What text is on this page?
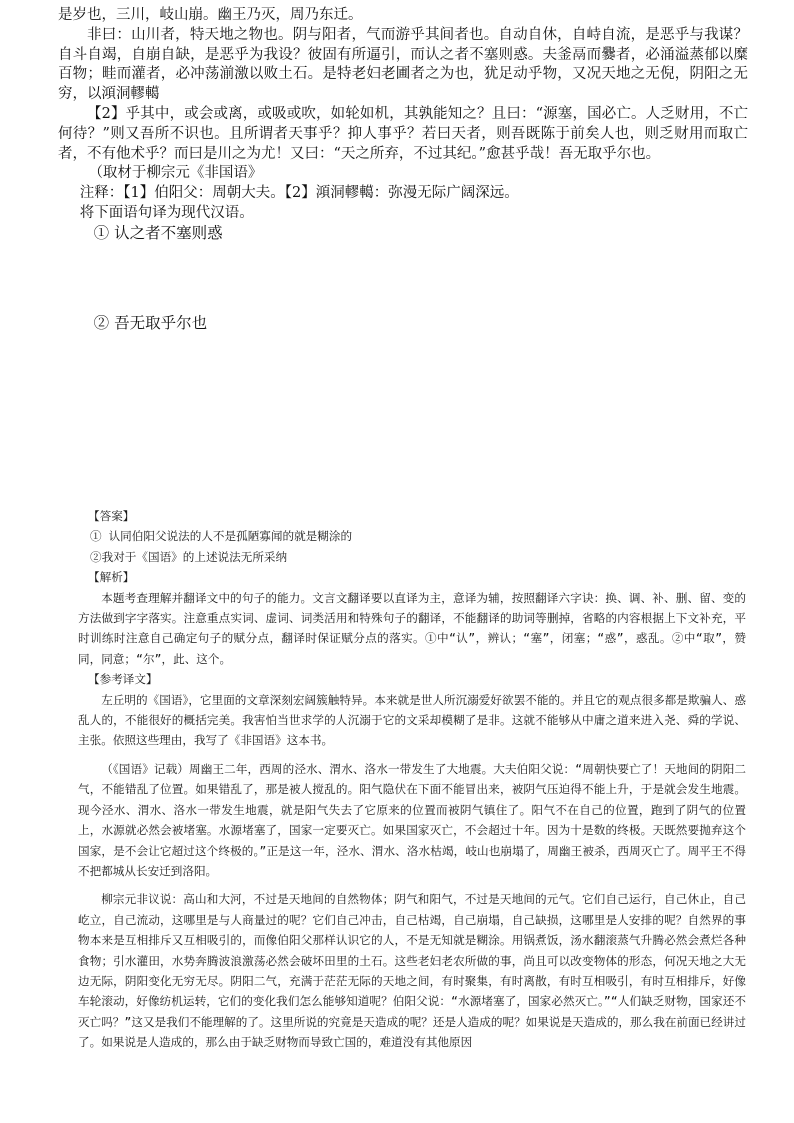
是岁也，三川，岐山崩。幽王乃灭，周乃东迁。

非曰：山川者，特天地之物也。阴与阳者，气而游乎其间者也。自动自休，自峙自流，是恶乎与我谋？自斗自竭，自崩自缺，是恶乎为我设？彼固有所逼引，而认之者不塞则惑。夫釜鬲而爨者，必涌溢蒸郁以糜百物；畦而灌者，必冲荡湔激以败土石。是特老妇老圃者之为也，犹足动乎物，又况天地之无倪，阴阳之无穷，以澒洞轇轕

【2】乎其中，或会或离，或吸或吹，如轮如机，其孰能知之？且曰：“源塞，国必亡。人乏财用，不亡何待？”则又吾所不识也。且所谓者天事乎？抑人事乎？若曰天者，则吾既陈于前矣人也，则乏财用而取亡者，不有他术乎？而曰是川之为尤！又曰：“天之所弃，不过其纪。”愈甚乎哉！吾无取乎尔也。

（取材于柳宗元《非国语》

注释：【1】伯阳父：周朝大夫。【2】澒洞轇轕：弥漫无际广阔深远。

将下面语句译为现代汉语。

① 认之者不塞则惑

② 吾无取乎尔也

【答案】

① 认同伯阳父说法的人不是孤陋寡闻的就是糊涂的

②我对于《国语》的上述说法无所采纳

【解析】

本题考查理解并翻译文中的句子的能力。文言文翻译要以直译为主，意译为辅，按照翻译六字诀：换、调、补、删、留、变的方法做到字字落实。注意重点实词、虚词、词类活用和特殊句子的翻译，不能翻译的助词等删掉，省略的内容根据上下文补充，平时训练时注意自己确定句子的赋分点，翻译时保证赋分点的落实。①中“认”，辨认；“塞”，闭塞；“惑”，惑乱。②中“取”，赞同，同意；“尔”，此、这个。

【参考译文】

左丘明的《国语》，它里面的文章深刻宏阔簇触特异。本来就是世人所沉溺爱好欲罢不能的。并且它的观点很多都是欺骗人、惑乱人的，不能很好的概括完美。我害怕当世求学的人沉溺于它的文采却模糊了是非。这就不能够从中庸之道来进入尧、舜的学说、主张。依照这些理由，我写了《非国语》这本书。

（《国语》记载）周幽王二年，西周的泾水、渭水、洛水一带发生了大地震。大夫伯阳父说：“周朝快要亡了！天地间的阴阳二气，不能错乱了位置。如果错乱了，那是被人搅乱的。阳气隐伏在下面不能冒出来，被阴气压迫得不能上升，于是就会发生地震。现今泾水、渭水、洛水一带发生地震，就是阳气失去了它原来的位置而被阴气镇住了。阳气不在自己的位置，跑到了阴气的位置上，水源就必然会被堵塞。水源堵塞了，国家一定要灭亡。如果国家灭亡，不会超过十年。因为十是数的终极。天既然要抛弃这个国家，是不会让它超过这个终极的。”正是这一年，泾水、渭水、洛水枯竭，岐山也崩塌了，周幽王被杀，西周灭亡了。周平王不得不把都城从长安迁到洛阳。

柳宗元非议说：高山和大河，不过是天地间的自然物体；阴气和阳气，不过是天地间的元气。它们自己运行，自己休止，自己屹立，自己流动，这哪里是与人商量过的呢？它们自己冲击，自己枯竭，自己崩塌，自己缺损，这哪里是人安排的呢？自然界的事物本来是互相排斥又互相吸引的，而像伯阳父那样认识它的人，不是无知就是糊涂。用锅煮饭，汤水翻滚蒸气升腾必然会煮烂各种食物；引水灌田，水势奔腾波浪激荡必然会破坏田里的土石。这些老妇老农所做的事，尚且可以改变物体的形态，何况天地之大无边无际，阴阳变化无穷无尽。阴阳二气，充满于茫茫无际的天地之间，有时聚集，有时离散，有时互相吸引，有时互相排斥，好像车轮滚动，好像纺机运转，它们的变化我们怎么能够知道呢？伯阳父说：“水源堵塞了，国家必然灭亡。”“人们缺乏财物，国家还不灭亡吗？”这又是我们不能理解的了。这里所说的究竟是天造成的呢？还是人造成的呢？如果说是天造成的，那么我在前面已经讲过了。如果说是人造成的，那么由于缺乏财物而导致亡国的，难道没有其他原因
